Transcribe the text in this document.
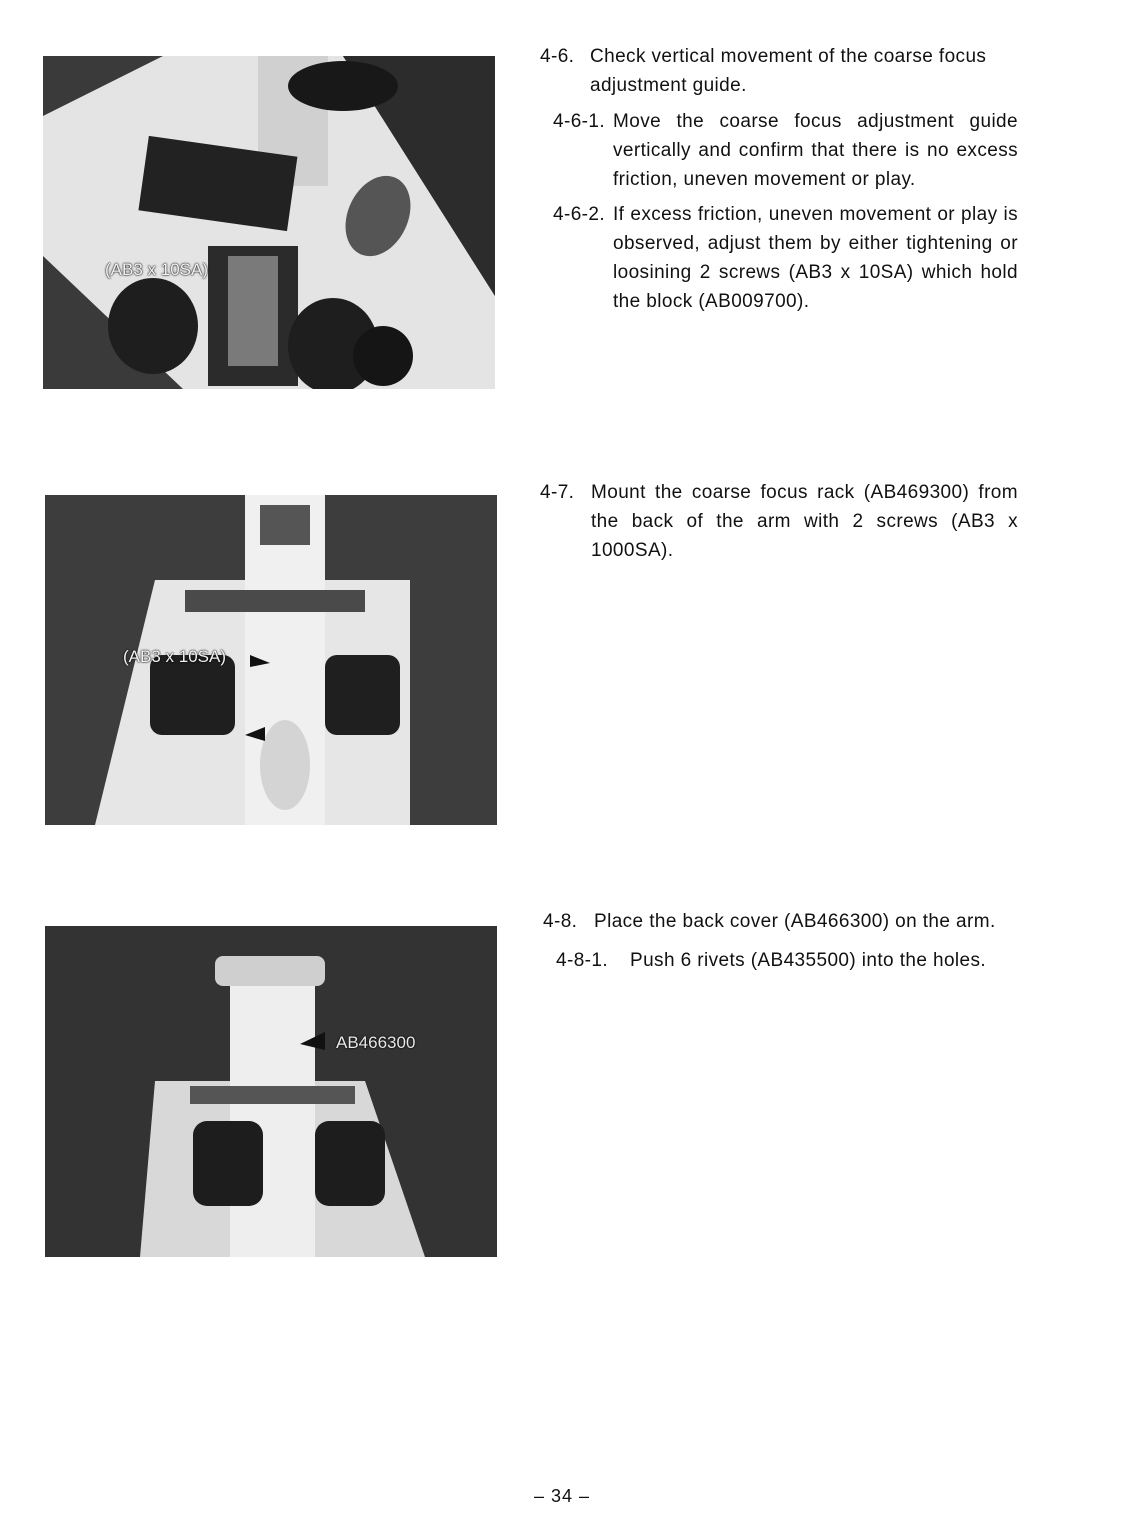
(AB3 x 10SA)
(AB3 x 10SA)
AB466300
4-6. Check vertical movement of the coarse focus adjustment guide.
4-6-1. Move the coarse focus adjustment guide vertically and confirm that there is no excess friction, uneven movement or play.
4-6-2. If excess friction, uneven movement or play is observed, adjust them by either tightening or loosining 2 screws (AB3 x 10SA) which hold the block (AB009700).
4-7. Mount the coarse focus rack (AB469300) from the back of the arm with 2 screws (AB3 x 1000SA).
4-8. Place the back cover (AB466300) on the arm.
4-8-1. Push 6 rivets (AB435500) into the holes.
– 34 –
